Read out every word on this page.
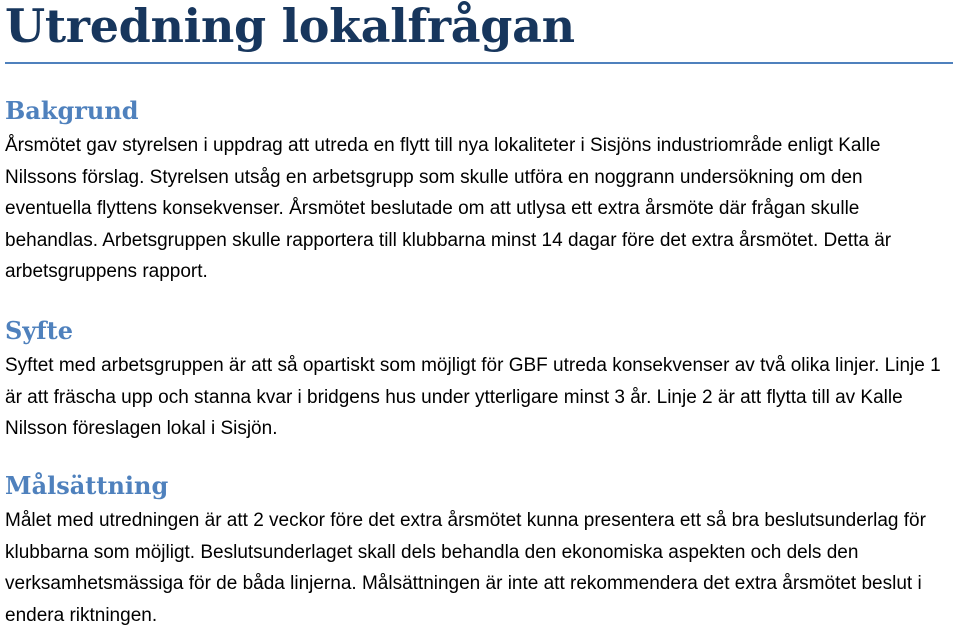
Utredning lokalfrågan
Bakgrund

Årsmötet gav styrelsen i uppdrag att utreda en flytt till nya lokaliteter i Sisjöns industriområde enligt Kalle Nilssons förslag. Styrelsen utsåg en arbetsgrupp som skulle utföra en noggrann undersökning om den eventuella flyttens konsekvenser. Årsmötet beslutade om att utlysa ett extra årsmöte där frågan skulle behandlas. Arbetsgruppen skulle rapportera till klubbarna minst 14 dagar före det extra årsmötet. Detta är arbetsgruppens rapport.

Syfte

Syftet med arbetsgruppen är att så opartiskt som möjligt för GBF utreda konsekvenser av två olika linjer. Linje 1 är att fräscha upp och stanna kvar i bridgens hus under ytterligare minst 3 år. Linje 2 är att flytta till av Kalle Nilsson föreslagen lokal i Sisjön.

Målsättning

Målet med utredningen är att 2 veckor före det extra årsmötet kunna presentera ett så bra beslutsunderlag för klubbarna som möjligt. Beslutsunderlaget skall dels behandla den ekonomiska aspekten och dels den verksamhetsmässiga för de båda linjerna. Målsättningen är inte att rekommendera det extra årsmötet beslut i endera riktningen.
